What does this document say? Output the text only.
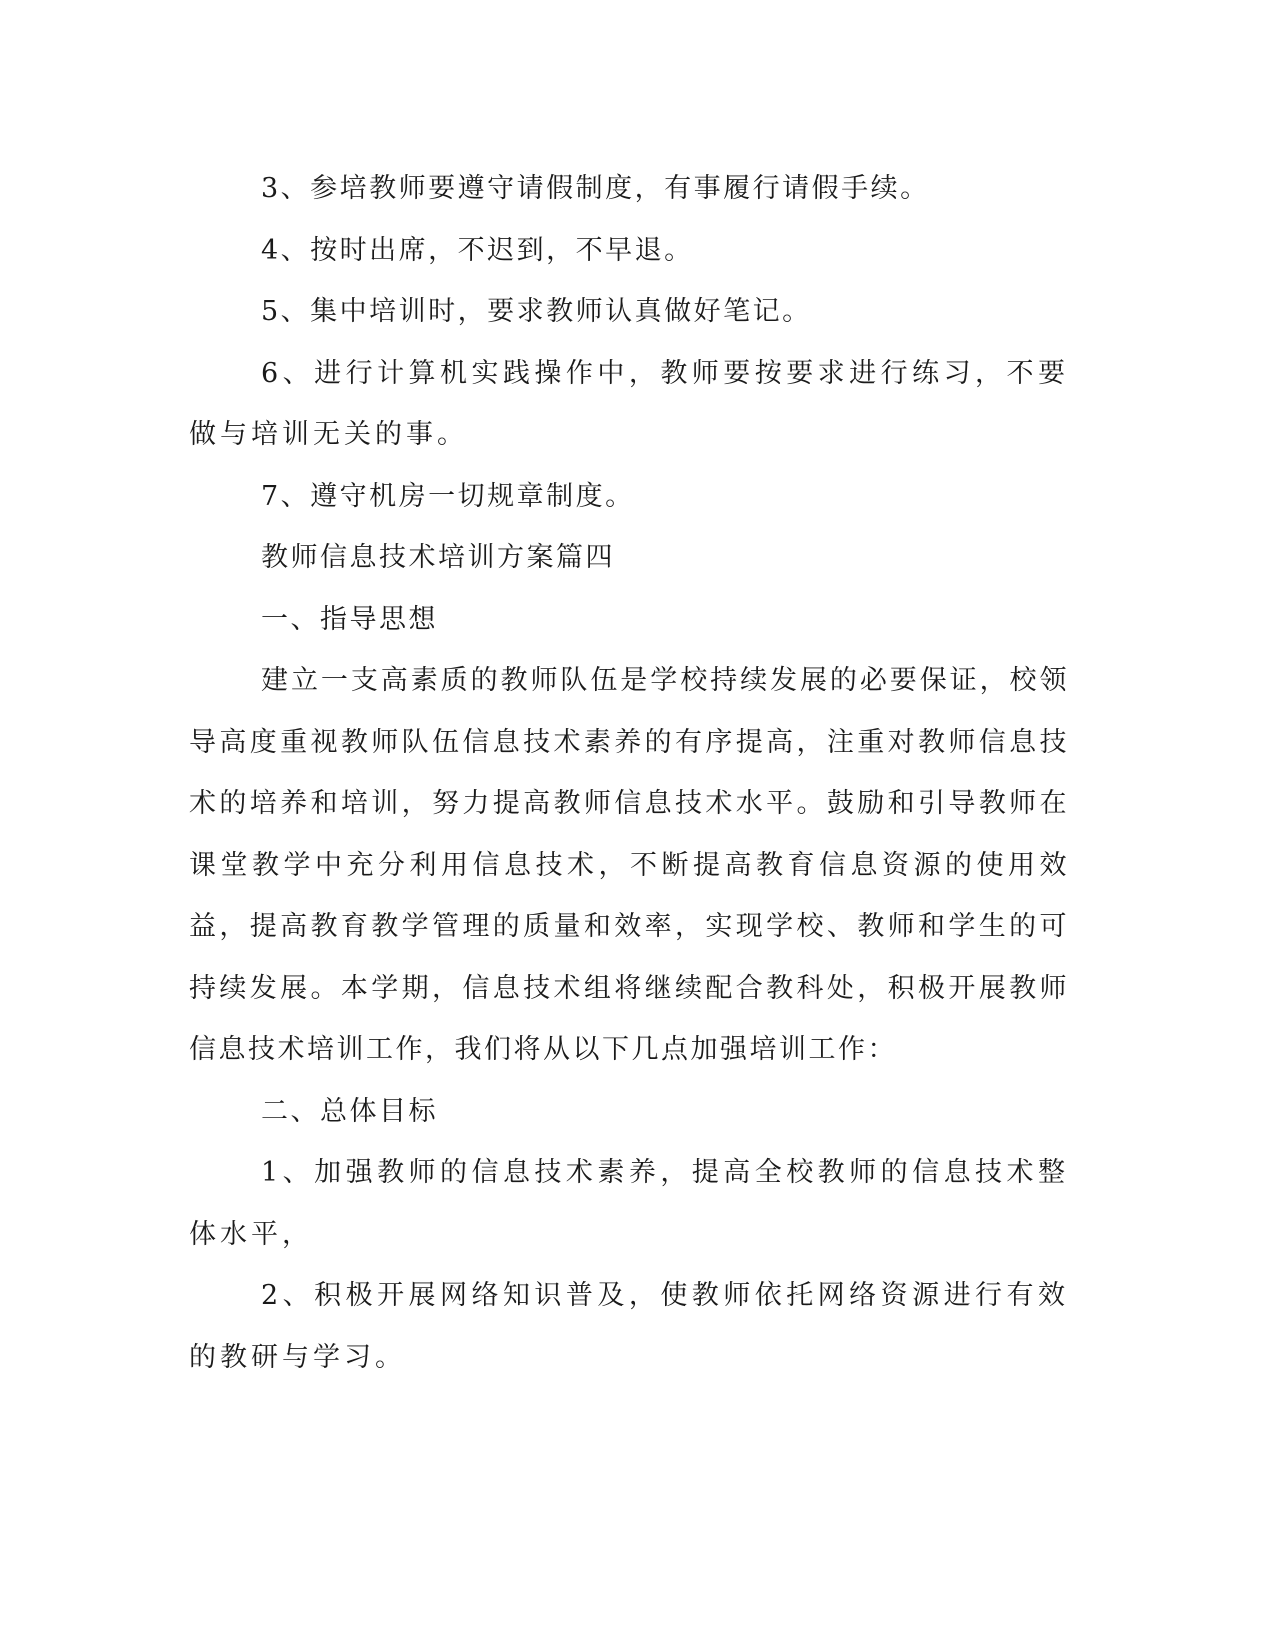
3、参培教师要遵守请假制度，有事履行请假手续。

4、按时出席，不迟到，不早退。

5、集中培训时，要求教师认真做好笔记。

6、进行计算机实践操作中，教师要按要求进行练习，不要做与培训无关的事。

7、遵守机房一切规章制度。

教师信息技术培训方案篇四

一、指导思想

建立一支高素质的教师队伍是学校持续发展的必要保证，校领导高度重视教师队伍信息技术素养的有序提高，注重对教师信息技术的培养和培训，努力提高教师信息技术水平。鼓励和引导教师在课堂教学中充分利用信息技术，不断提高教育信息资源的使用效益，提高教育教学管理的质量和效率，实现学校、教师和学生的可持续发展。本学期，信息技术组将继续配合教科处，积极开展教师信息技术培训工作，我们将从以下几点加强培训工作：

二、总体目标

1、加强教师的信息技术素养，提高全校教师的信息技术整体水平，

2、积极开展网络知识普及，使教师依托网络资源进行有效的教研与学习。
